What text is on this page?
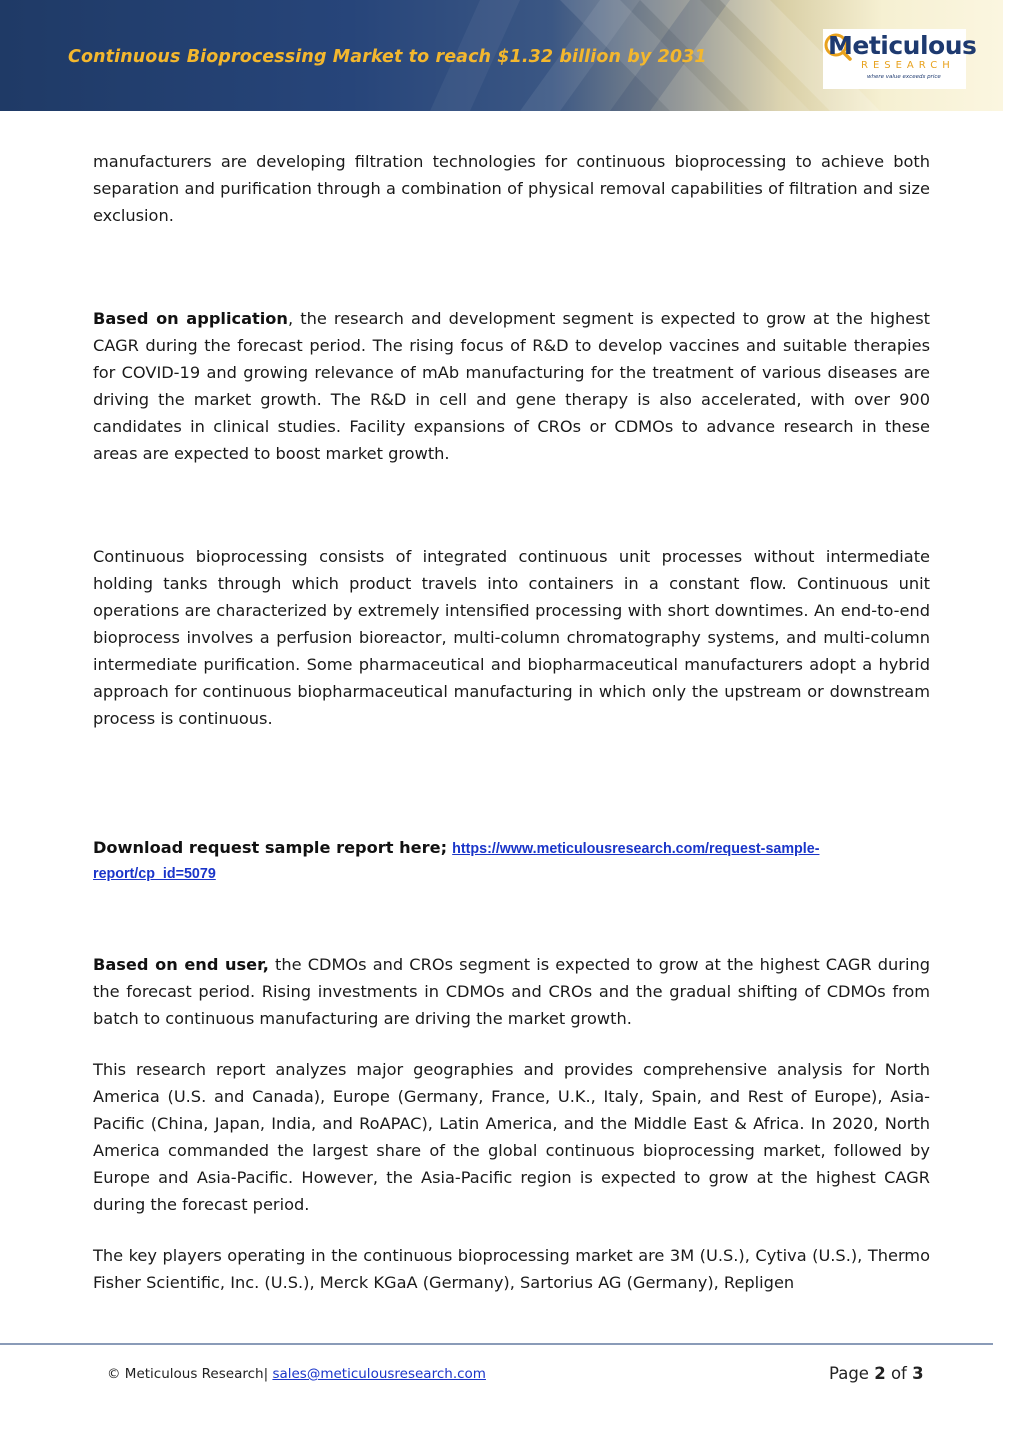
Continuous Bioprocessing Market to reach $1.32 billion by 2031	Meticulous
RESEARCH
where value exceeds price

manufacturers are developing filtration technologies for continuous bioprocessing to achieve both separation and purification through a combination of physical removal capabilities of filtration and size exclusion.

Based on application, the research and development segment is expected to grow at the highest CAGR during the forecast period. The rising focus of R&D to develop vaccines and suitable therapies for COVID-19 and growing relevance of mAb manufacturing for the treatment of various diseases are driving the market growth. The R&D in cell and gene therapy is also accelerated, with over 900 candidates in clinical studies. Facility expansions of CROs or CDMOs to advance research in these areas are expected to boost market growth.

Continuous bioprocessing consists of integrated continuous unit processes without intermediate holding tanks through which product travels into containers in a constant flow. Continuous unit operations are characterized by extremely intensified processing with short downtimes. An end-to-end bioprocess involves a perfusion bioreactor, multi-column chromatography systems, and multi-column intermediate purification. Some pharmaceutical and biopharmaceutical manufacturers adopt a hybrid approach for continuous biopharmaceutical manufacturing in which only the upstream or downstream process is continuous.

Download request sample report here; https://www.meticulousresearch.com/request-sample-report/cp_id=5079

Based on end user, the CDMOs and CROs segment is expected to grow at the highest CAGR during the forecast period. Rising investments in CDMOs and CROs and the gradual shifting of CDMOs from batch to continuous manufacturing are driving the market growth.

This research report analyzes major geographies and provides comprehensive analysis for North America (U.S. and Canada), Europe (Germany, France, U.K., Italy, Spain, and Rest of Europe), Asia-Pacific (China, Japan, India, and RoAPAC), Latin America, and the Middle East & Africa. In 2020, North America commanded the largest share of the global continuous bioprocessing market, followed by Europe and Asia-Pacific. However, the Asia-Pacific region is expected to grow at the highest CAGR during the forecast period.

The key players operating in the continuous bioprocessing market are 3M (U.S.), Cytiva (U.S.), Thermo Fisher Scientific, Inc. (U.S.), Merck KGaA (Germany), Sartorius AG (Germany), Repligen

© Meticulous Research| sales@meticulousresearch.com	Page 2 of 3
